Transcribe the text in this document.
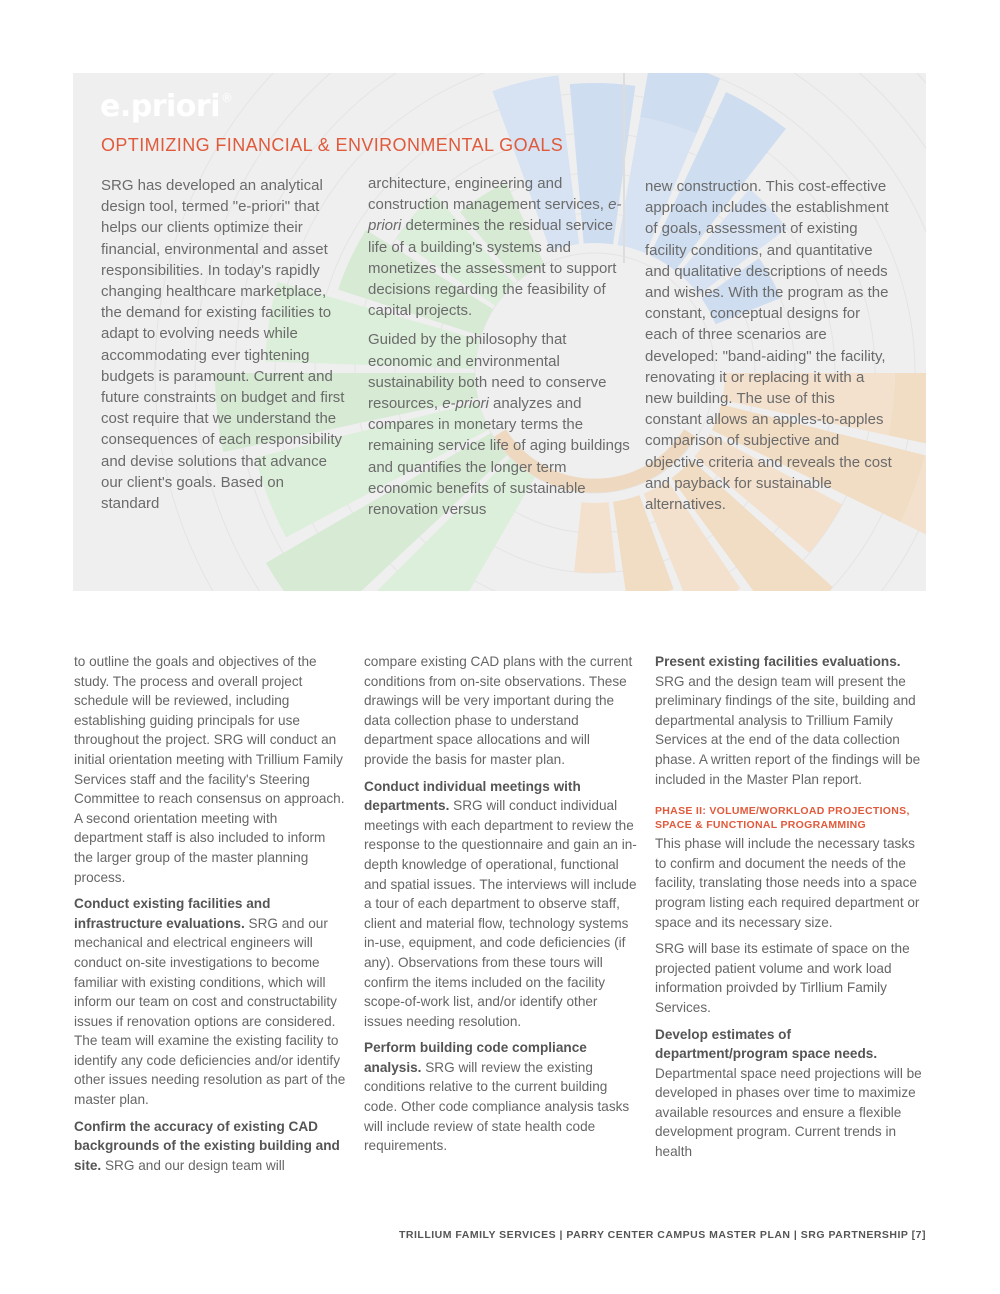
e.priori®
OPTIMIZING FINANCIAL & ENVIRONMENTAL GOALS

SRG has developed an analytical design tool, termed "e-priori" that helps our clients optimize their financial, environmental and asset responsibilities. In today's rapidly changing healthcare marketplace, the demand for existing facilities to adapt to evolving needs while accommodating ever tightening budgets is paramount. Current and future constraints on budget and first cost require that we understand the consequences of each responsibility and devise solutions that advance our client's goals. Based on standard

architecture, engineering and construction management services, e-priori determines the residual service life of a building's systems and monetizes the assessment to support decisions regarding the feasibility of capital projects.

Guided by the philosophy that economic and environmental sustainability both need to conserve resources, e-priori analyzes and compares in monetary terms the remaining service life of aging buildings and quantifies the longer term economic benefits of sustainable renovation versus

new construction. This cost-effective approach includes the establishment of goals, assessment of existing facility conditions, and quantitative and qualitative descriptions of needs and wishes. With the program as the constant, conceptual designs for each of three scenarios are developed: "band-aiding" the facility, renovating it or replacing it with a new building. The use of this constant allows an apples-to-apples comparison of subjective and objective criteria and reveals the cost and payback for sustainable alternatives.

to outline the goals and objectives of the study. The process and overall project schedule will be reviewed, including establishing guiding principals for use throughout the project. SRG will conduct an initial orientation meeting with Trillium Family Services staff and the facility's Steering Committee to reach consensus on approach. A second orientation meeting with department staff is also included to inform the larger group of the master planning process.

Conduct existing facilities and infrastructure evaluations. SRG and our mechanical and electrical engineers will conduct on-site investigations to become familiar with existing conditions, which will inform our team on cost and constructability issues if renovation options are considered. The team will examine the existing facility to identify any code deficiencies and/or identify other issues needing resolution as part of the master plan.

Confirm the accuracy of existing CAD backgrounds of the existing building and site. SRG and our design team will

compare existing CAD plans with the current conditions from on-site observations. These drawings will be very important during the data collection phase to understand department space allocations and will provide the basis for master plan.

Conduct individual meetings with departments. SRG will conduct individual meetings with each department to review the response to the questionnaire and gain an in-depth knowledge of operational, functional and spatial issues. The interviews will include a tour of each department to observe staff, client and material flow, technology systems in-use, equipment, and code deficiencies (if any). Observations from these tours will confirm the items included on the facility scope-of-work list, and/or identify other issues needing resolution.

Perform building code compliance analysis. SRG will review the existing conditions relative to the current building code. Other code compliance analysis tasks will include review of state health code requirements.

Present existing facilities evaluations. SRG and the design team will present the preliminary findings of the site, building and departmental analysis to Trillium Family Services at the end of the data collection phase. A written report of the findings will be included in the Master Plan report.

PHASE II: VOLUME/WORKLOAD PROJECTIONS, SPACE & FUNCTIONAL PROGRAMMING

This phase will include the necessary tasks to confirm and document the needs of the facility, translating those needs into a space program listing each required department or space and its necessary size.

SRG will base its estimate of space on the projected patient volume and work load information proivded by Tirllium Family Services.

Develop estimates of department/program space needs. Departmental space need projections will be developed in phases over time to maximize available resources and ensure a flexible development program. Current trends in health

TRILLIUM FAMILY SERVICES | PARRY CENTER CAMPUS MASTER PLAN | SRG PARTNERSHIP [7]
